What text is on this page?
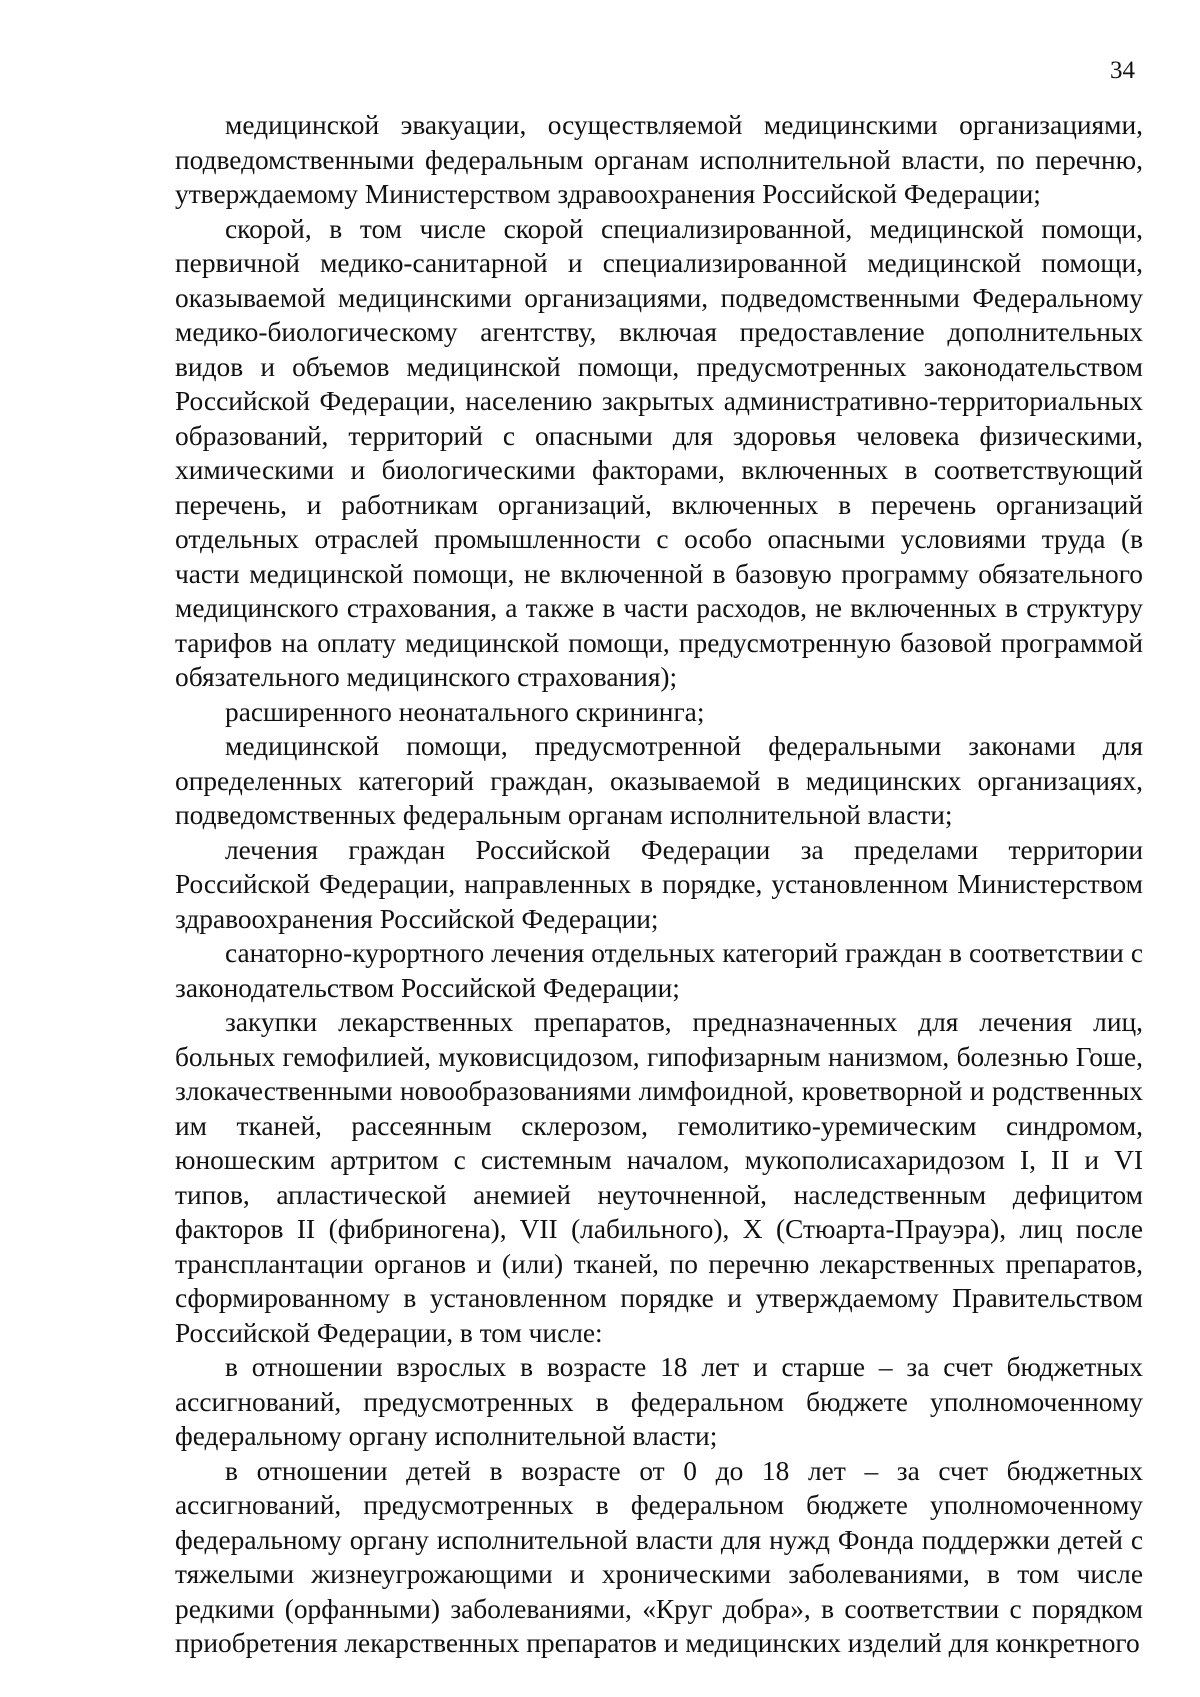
34

медицинской эвакуации, осуществляемой медицинскими организациями, подведомственными федеральным органам исполнительной власти, по перечню, утверждаемому Министерством здравоохранения Российской Федерации;

скорой, в том числе скорой специализированной, медицинской помощи, первичной медико-санитарной и специализированной медицинской помощи, оказываемой медицинскими организациями, подведомственными Федеральному медико-биологическому агентству, включая предоставление дополнительных видов и объемов медицинской помощи, предусмотренных законодательством Российской Федерации, населению закрытых административно-территориальных образований, территорий с опасными для здоровья человека физическими, химическими и биологическими факторами, включенных в соответствующий перечень, и работникам организаций, включенных в перечень организаций отдельных отраслей промышленности с особо опасными условиями труда (в части медицинской помощи, не включенной в базовую программу обязательного медицинского страхования, а также в части расходов, не включенных в структуру тарифов на оплату медицинской помощи, предусмотренную базовой программой обязательного медицинского страхования);

расширенного неонатального скрининга;

медицинской помощи, предусмотренной федеральными законами для определенных категорий граждан, оказываемой в медицинских организациях, подведомственных федеральным органам исполнительной власти;

лечения граждан Российской Федерации за пределами территории Российской Федерации, направленных в порядке, установленном Министерством здравоохранения Российской Федерации;

санаторно-курортного лечения отдельных категорий граждан в соответствии с законодательством Российской Федерации;

закупки лекарственных препаратов, предназначенных для лечения лиц, больных гемофилией, муковисцидозом, гипофизарным нанизмом, болезнью Гоше, злокачественными новообразованиями лимфоидной, кроветворной и родственных им тканей, рассеянным склерозом, гемолитико-уремическим синдромом, юношеским артритом с системным началом, мукополисахаридозом I, II и VI типов, апластической анемией неуточненной, наследственным дефицитом факторов II (фибриногена), VII (лабильного), X (Стюарта-Прауэра), лиц после трансплантации органов и (или) тканей, по перечню лекарственных препаратов, сформированному в установленном порядке и утверждаемому Правительством Российской Федерации, в том числе:

в отношении взрослых в возрасте 18 лет и старше – за счет бюджетных ассигнований, предусмотренных в федеральном бюджете уполномоченному федеральному органу исполнительной власти;

в отношении детей в возрасте от 0 до 18 лет – за счет бюджетных ассигнований, предусмотренных в федеральном бюджете уполномоченному федеральному органу исполнительной власти для нужд Фонда поддержки детей с тяжелыми жизнеугрожающими и хроническими заболеваниями, в том числе редкими (орфанными) заболеваниями, «Круг добра», в соответствии с порядком приобретения лекарственных препаратов и медицинских изделий для конкретного
